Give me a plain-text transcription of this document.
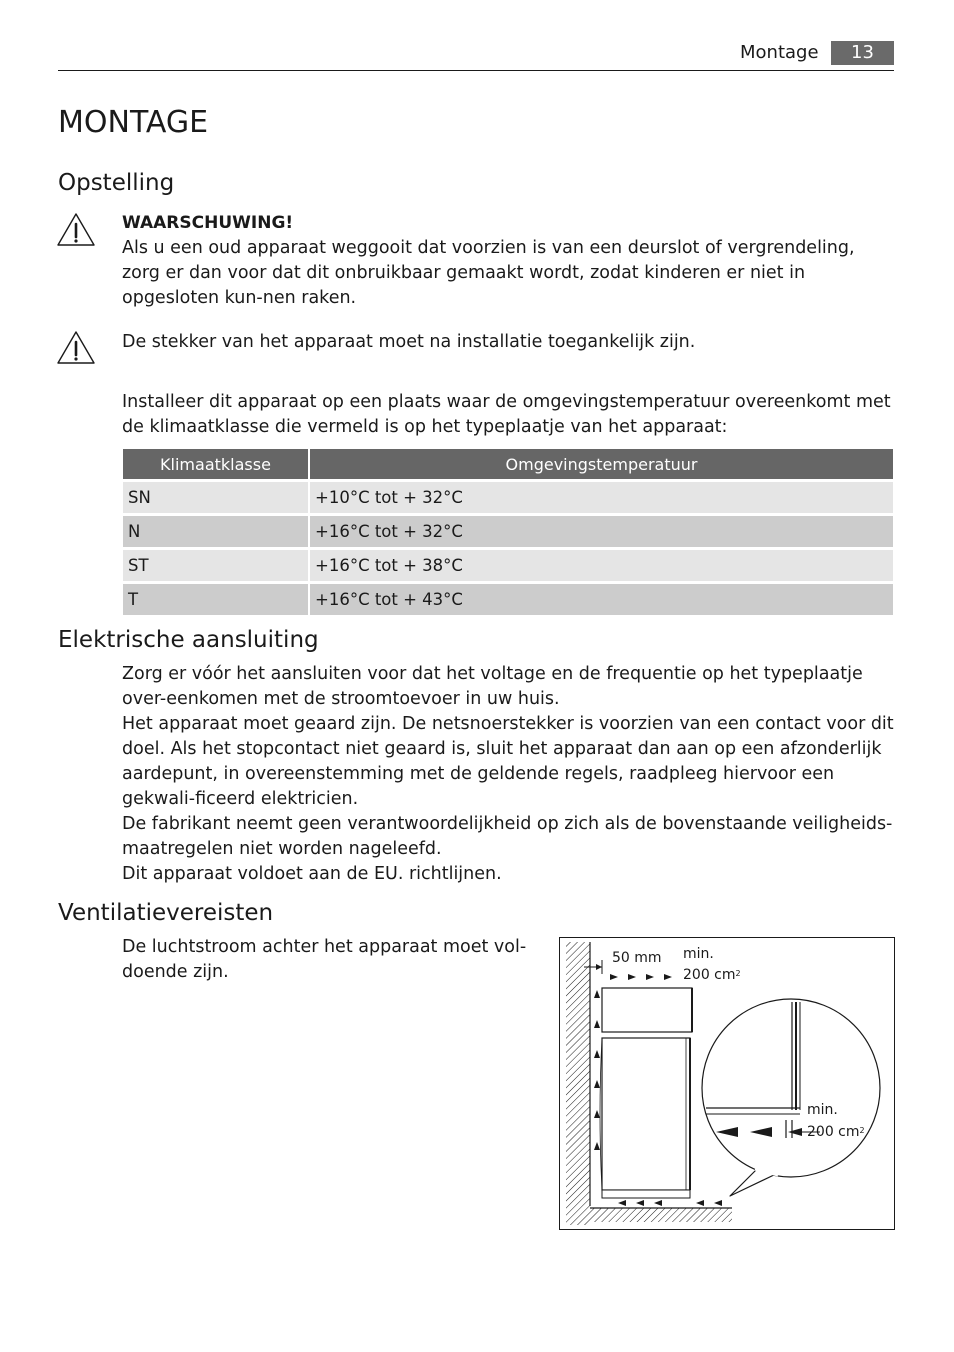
Montage	13
MONTAGE
Opstelling

WAARSCHUWING!

Als u een oud apparaat weggooit dat voorzien is van een deurslot of vergrendeling, zorg er dan voor dat dit onbruikbaar gemaakt wordt, zodat kinderen er niet in opgesloten kun-nen raken.

De stekker van het apparaat moet na installatie toegankelijk zijn.

Installeer dit apparaat op een plaats waar de omgevingstemperatuur overeenkomt met de klimaatklasse die vermeld is op het typeplaatje van het apparaat:

Klimaatklasse	Omgevingstemperatuur
SN	+10°C tot + 32°C
N	+16°C tot + 32°C
ST	+16°C tot + 38°C
T	+16°C tot + 43°C
Elektrische aansluiting

Zorg er vóór het aansluiten voor dat het voltage en de frequentie op het typeplaatje over-eenkomen met de stroomtoevoer in uw huis.

Het apparaat moet geaard zijn. De netsnoerstekker is voorzien van een contact voor dit doel. Als het stopcontact niet geaard is, sluit het apparaat dan aan op een afzonderlijk aardepunt, in overeenstemming met de geldende regels, raadpleeg hiervoor een gekwali-ficeerd elektricien.

De fabrikant neemt geen verantwoordelijkheid op zich als de bovenstaande veiligheids-maatregelen niet worden nageleefd.

Dit apparaat voldoet aan de EU. richtlijnen.

Ventilatievereisten

De luchtstroom achter het apparaat moet vol-doende zijn.

50 mm min.
200 $cm^2$
min.
200 $cm^2$
